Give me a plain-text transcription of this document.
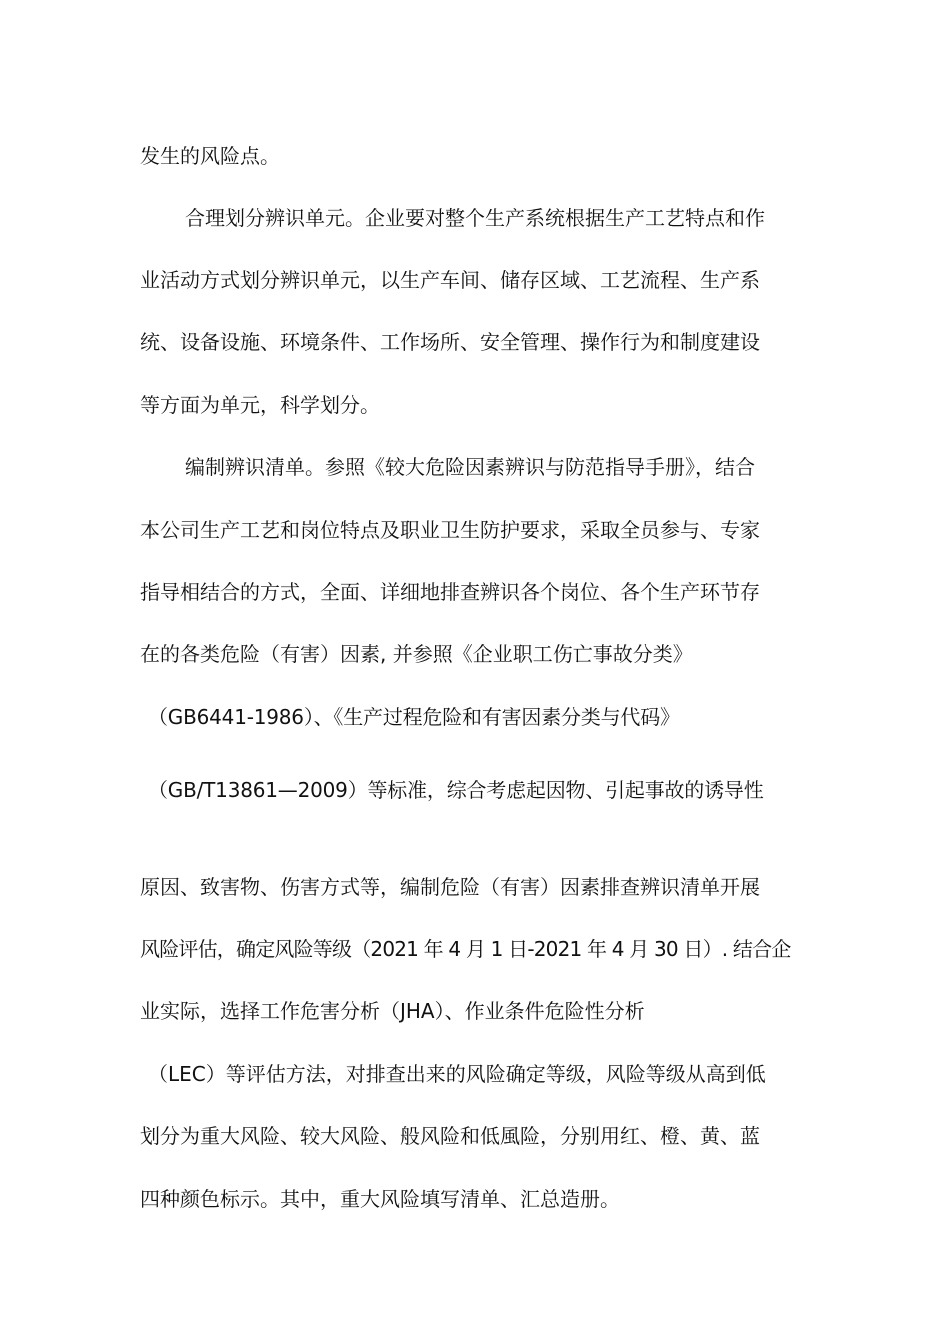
发生的风险点。
合理划分辨识单元。企业要对整个生产系统根据生产工艺特点和作
业活动方式划分辨识单元，以生产车间、储存区域、工艺流程、生产系
统、设备设施、环境条件、工作场所、安全管理、操作行为和制度建设
等方面为单元，科学划分。
编制辨识清单。参照《较大危险因素辨识与防范指导手册》，结合
本公司生产工艺和岗位特点及职业卫生防护要求，采取全员参与、专家
指导相结合的方式，全面、详细地排查辨识各个岗位、各个生产环节存
在的各类危险（有害）因素, 并参照《企业职工伤亡事故分类》
（GB6441-1986）、《生产过程危险和有害因素分类与代码》
（GB/T13861—2009）等标准，综合考虑起因物、引起事故的诱导性
原因、致害物、伤害方式等，编制危险（有害）因素排查辨识清单开展
风险评估，确定风险等级（2021 年 4 月 1 日-2021 年 4 月 30 日）. 结合企
业实际，选择工作危害分析（JHA）、作业条件危险性分析
（LEC）等评估方法，对排查出来的风险确定等级，风险等级从高到低
划分为重大风险、较大风险、般风险和低風险，分别用红、橙、黄、蓝
四种颜色标示。其中，重大风险填写清单、汇总造册。
